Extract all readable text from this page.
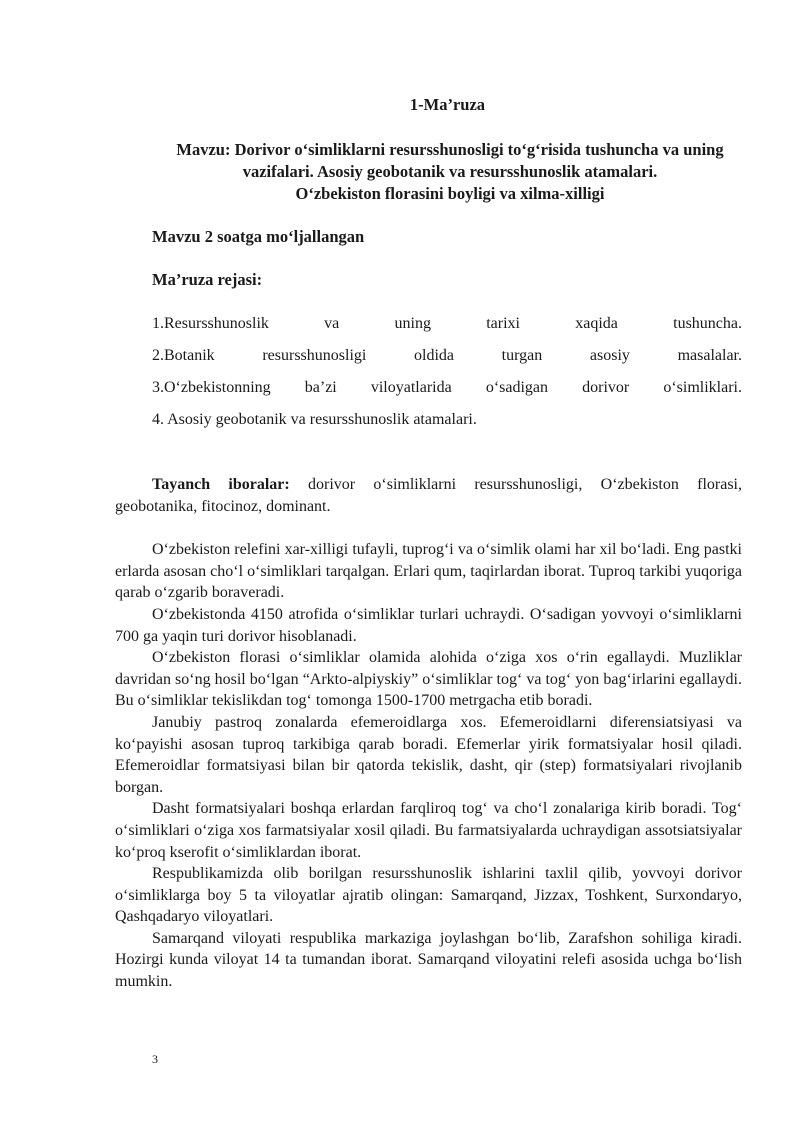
1-Ma’ruza
Mavzu: Dorivor o‘simliklarni resursshunosligi to‘g‘risida tushuncha va uning
vazifalari. Asosiy geobotanik va resursshunoslik atamalari.
O‘zbekiston florasini boyligi va xilma-xilligi
Mavzu 2 soatga mo‘ljallangan
Ma’ruza rejasi:
1.Resursshunoslik va uning tarixi xaqida tushuncha.
2.Botanik resursshunosligi oldida turgan asosiy masalalar.
3.O‘zbekistonning ba’zi viloyatlarida o‘sadigan dorivor o‘simliklari.
4. Asosiy geobotanik va resursshunoslik atamalari.

Tayanch iboralar: dorivor o‘simliklarni resursshunosligi, O‘zbekiston florasi, geobotanika, fitocinoz, dominant.

O‘zbekiston relefini xar-xilligi tufayli, tuprog‘i va o‘simlik olami har xil bo‘ladi. Eng pastki erlarda asosan cho‘l o‘simliklari tarqalgan. Erlari qum, taqirlardan iborat. Tuproq tarkibi yuqoriga qarab o‘zgarib boraveradi.

O‘zbekistonda 4150 atrofida o‘simliklar turlari uchraydi. O‘sadigan yovvoyi o‘simliklarni 700 ga yaqin turi dorivor hisoblanadi.

O‘zbekiston florasi o‘simliklar olamida alohida o‘ziga xos o‘rin egallaydi. Muzliklar davridan so‘ng hosil bo‘lgan “Arkto-alpiyskiy” o‘simliklar tog‘ va tog‘ yon bag‘irlarini egallaydi. Bu o‘simliklar tekislikdan tog‘ tomonga 1500-1700 metrgacha etib boradi.

Janubiy pastroq zonalarda efemeroidlarga xos. Efemeroidlarni diferensiatsiyasi va ko‘payishi asosan tuproq tarkibiga qarab boradi. Efemerlar yirik formatsiyalar hosil qiladi. Efemeroidlar formatsiyasi bilan bir qatorda tekislik, dasht, qir (step) formatsiyalari rivojlanib borgan.

Dasht formatsiyalari boshqa erlardan farqliroq tog‘ va cho‘l zonalariga kirib boradi. Tog‘ o‘simliklari o‘ziga xos farmatsiyalar xosil qiladi. Bu farmatsiyalarda uchraydigan assotsiatsiyalar ko‘proq kserofit o‘simliklardan iborat.

Respublikamizda olib borilgan resursshunoslik ishlarini taxlil qilib, yovvoyi dorivor o‘simliklarga boy 5 ta viloyatlar ajratib olingan: Samarqand, Jizzax, Toshkent, Surxondaryo, Qashqadaryo viloyatlari.

Samarqand viloyati respublika markaziga joylashgan bo‘lib, Zarafshon sohiliga kiradi. Hozirgi kunda viloyat 14 ta tumandan iborat. Samarqand viloyatini relefi asosida uchga bo‘lish mumkin.

3
